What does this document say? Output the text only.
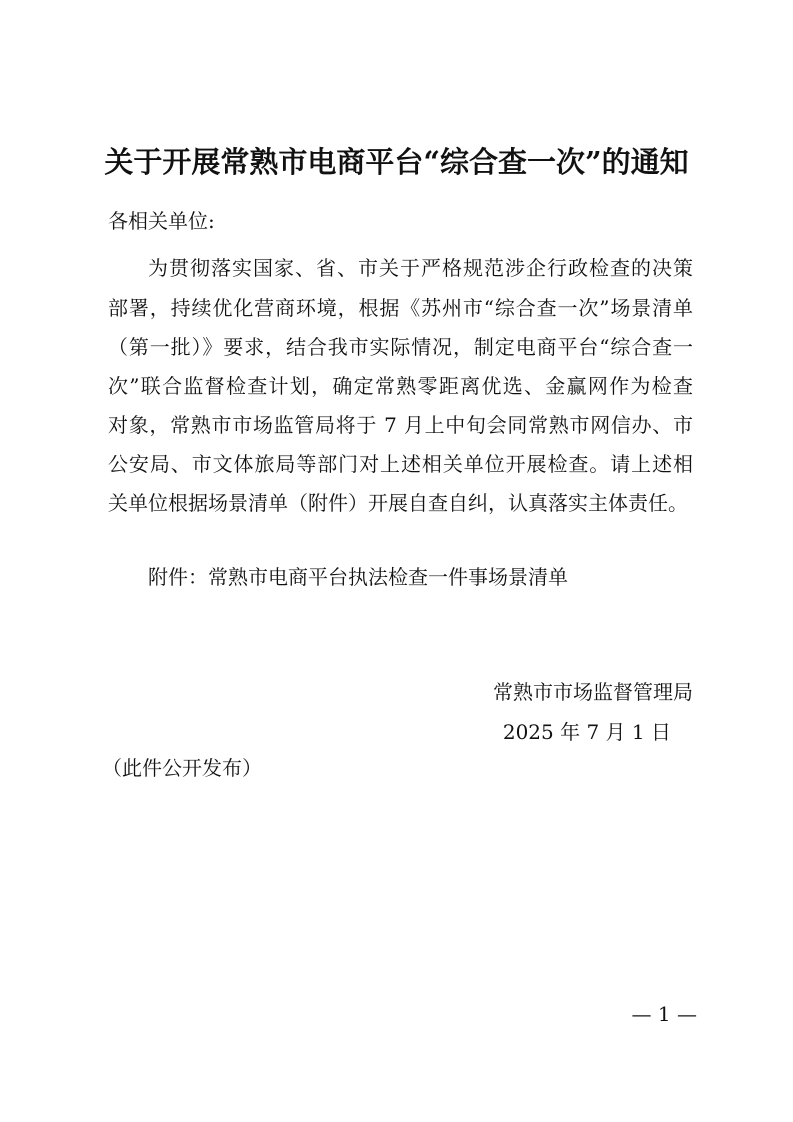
关于开展常熟市电商平台“综合查一次”的通知
各相关单位:
为贯彻落实国家、省、市关于严格规范涉企行政检查的决策
部署，持续优化营商环境，根据《苏州市“综合查一次”场景清单
（第一批）》要求，结合我市实际情况，制定电商平台“综合查一
次”联合监督检查计划，确定常熟零距离优选、金赢网作为检查
对象，常熟市市场监管局将于 7 月上中旬会同常熟市网信办、市
公安局、市文体旅局等部门对上述相关单位开展检查。请上述相
关单位根据场景清单（附件）开展自查自纠，认真落实主体责任。
附件：常熟市电商平台执法检查一件事场景清单
常熟市市场监督管理局
2025 年 7 月 1 日
（此件公开发布）
— 1 —
